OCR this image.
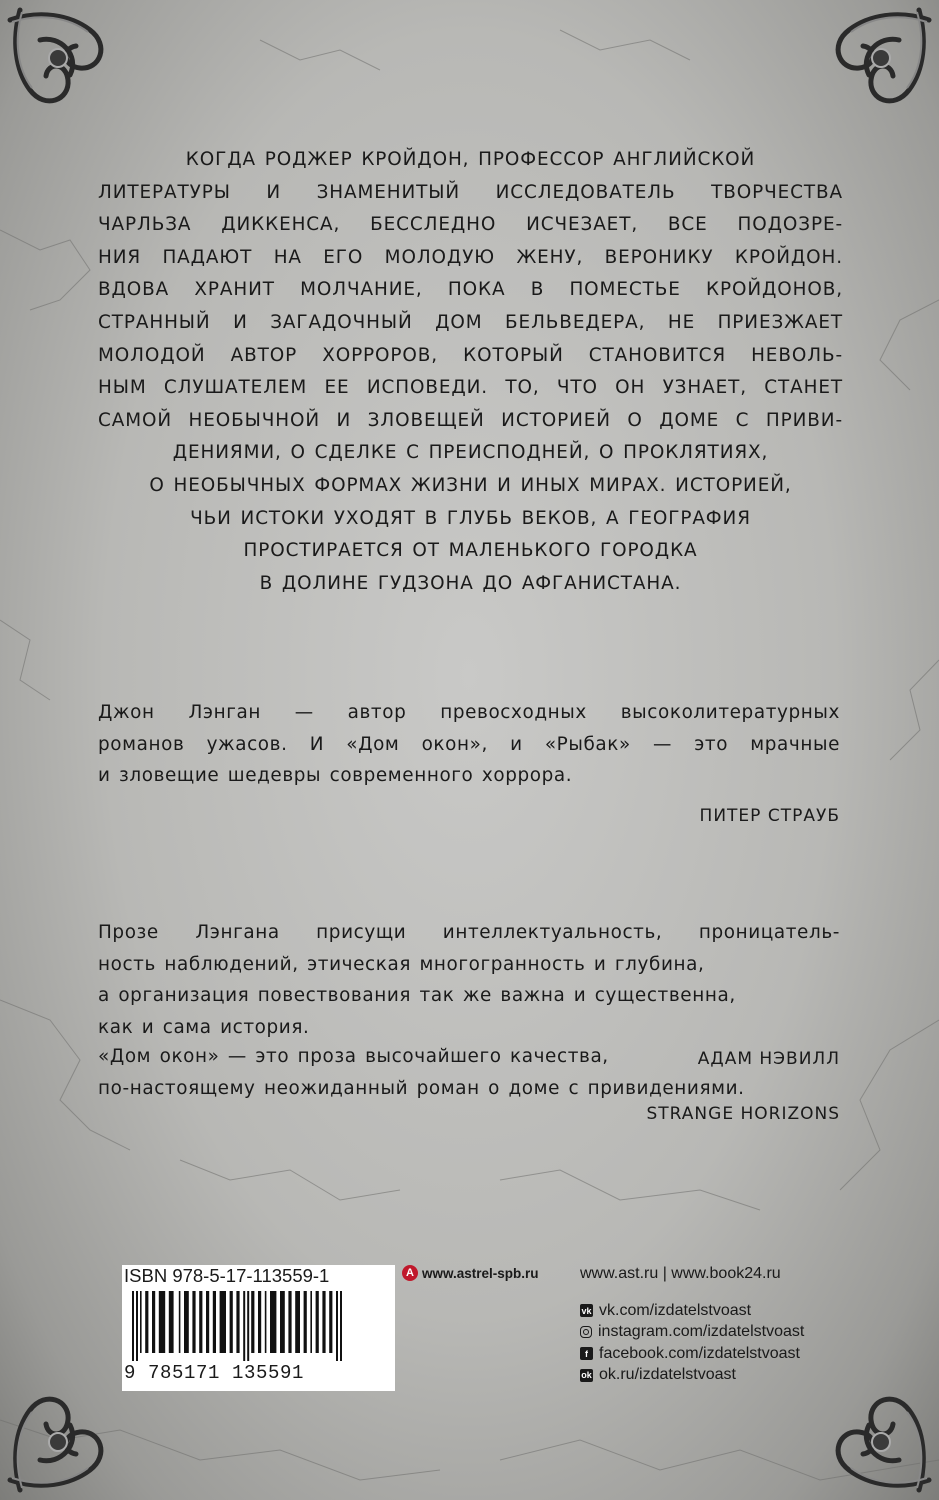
КОГДА РОДЖЕР КРОЙДОН, ПРОФЕССОР АНГЛИЙСКОЙ
ЛИТЕРАТУРЫ И ЗНАМЕНИТЫЙ ИССЛЕДОВАТЕЛЬ ТВОРЧЕСТВА
ЧАРЛЬЗА ДИККЕНСА, БЕССЛЕДНО ИСЧЕЗАЕТ, ВСЕ ПОДОЗРЕ-
НИЯ ПАДАЮТ НА ЕГО МОЛОДУЮ ЖЕНУ, ВЕРОНИКУ КРОЙДОН.
ВДОВА ХРАНИТ МОЛЧАНИЕ, ПОКА В ПОМЕСТЬЕ КРОЙДОНОВ,
СТРАННЫЙ И ЗАГАДОЧНЫЙ ДОМ БЕЛЬВЕДЕРА, НЕ ПРИЕЗЖАЕТ
МОЛОДОЙ АВТОР ХОРРОРОВ, КОТОРЫЙ СТАНОВИТСЯ НЕВОЛЬ-
НЫМ СЛУШАТЕЛЕМ ЕЕ ИСПОВЕДИ. ТО, ЧТО ОН УЗНАЕТ, СТАНЕТ
САМОЙ НЕОБЫЧНОЙ И ЗЛОВЕЩЕЙ ИСТОРИЕЙ О ДОМЕ С ПРИВИ-
ДЕНИЯМИ, О СДЕЛКЕ С ПРЕИСПОДНЕЙ, О ПРОКЛЯТИЯХ,
О НЕОБЫЧНЫХ ФОРМАХ ЖИЗНИ И ИНЫХ МИРАХ. ИСТОРИЕЙ,
ЧЬИ ИСТОКИ УХОДЯТ В ГЛУБЬ ВЕКОВ, А ГЕОГРАФИЯ
ПРОСТИРАЕТСЯ ОТ МАЛЕНЬКОГО ГОРОДКА
В ДОЛИНЕ ГУДЗОНА ДО АФГАНИСТАНА.
Джон Лэнган — автор превосходных высоколитературных
романов ужасов. И «Дом окон», и «Рыбак» — это мрачные
и зловещие шедевры современного хоррора.
ПИТЕР СТРАУБ
Прозе Лэнгана присущи интеллектуальность, проницатель-
ность наблюдений, этическая многогранность и глубина,
а организация повествования так же важна и существенна,
как и сама история.
АДАМ НЭВИЛЛ
«Дом окон» — это проза высочайшего качества,
по-настоящему неожиданный роман о доме с привидениями.
STRANGE HORIZONS
ISBN 978-5-17-113559-1
9 785171 135591
A www.astrel-spb.ru	www.ast.ru | www.book24.ru
vk vk.com/izdatelstvoast
instagram.com/izdatelstvoast
f facebook.com/izdatelstvoast
ok ok.ru/izdatelstvoast
